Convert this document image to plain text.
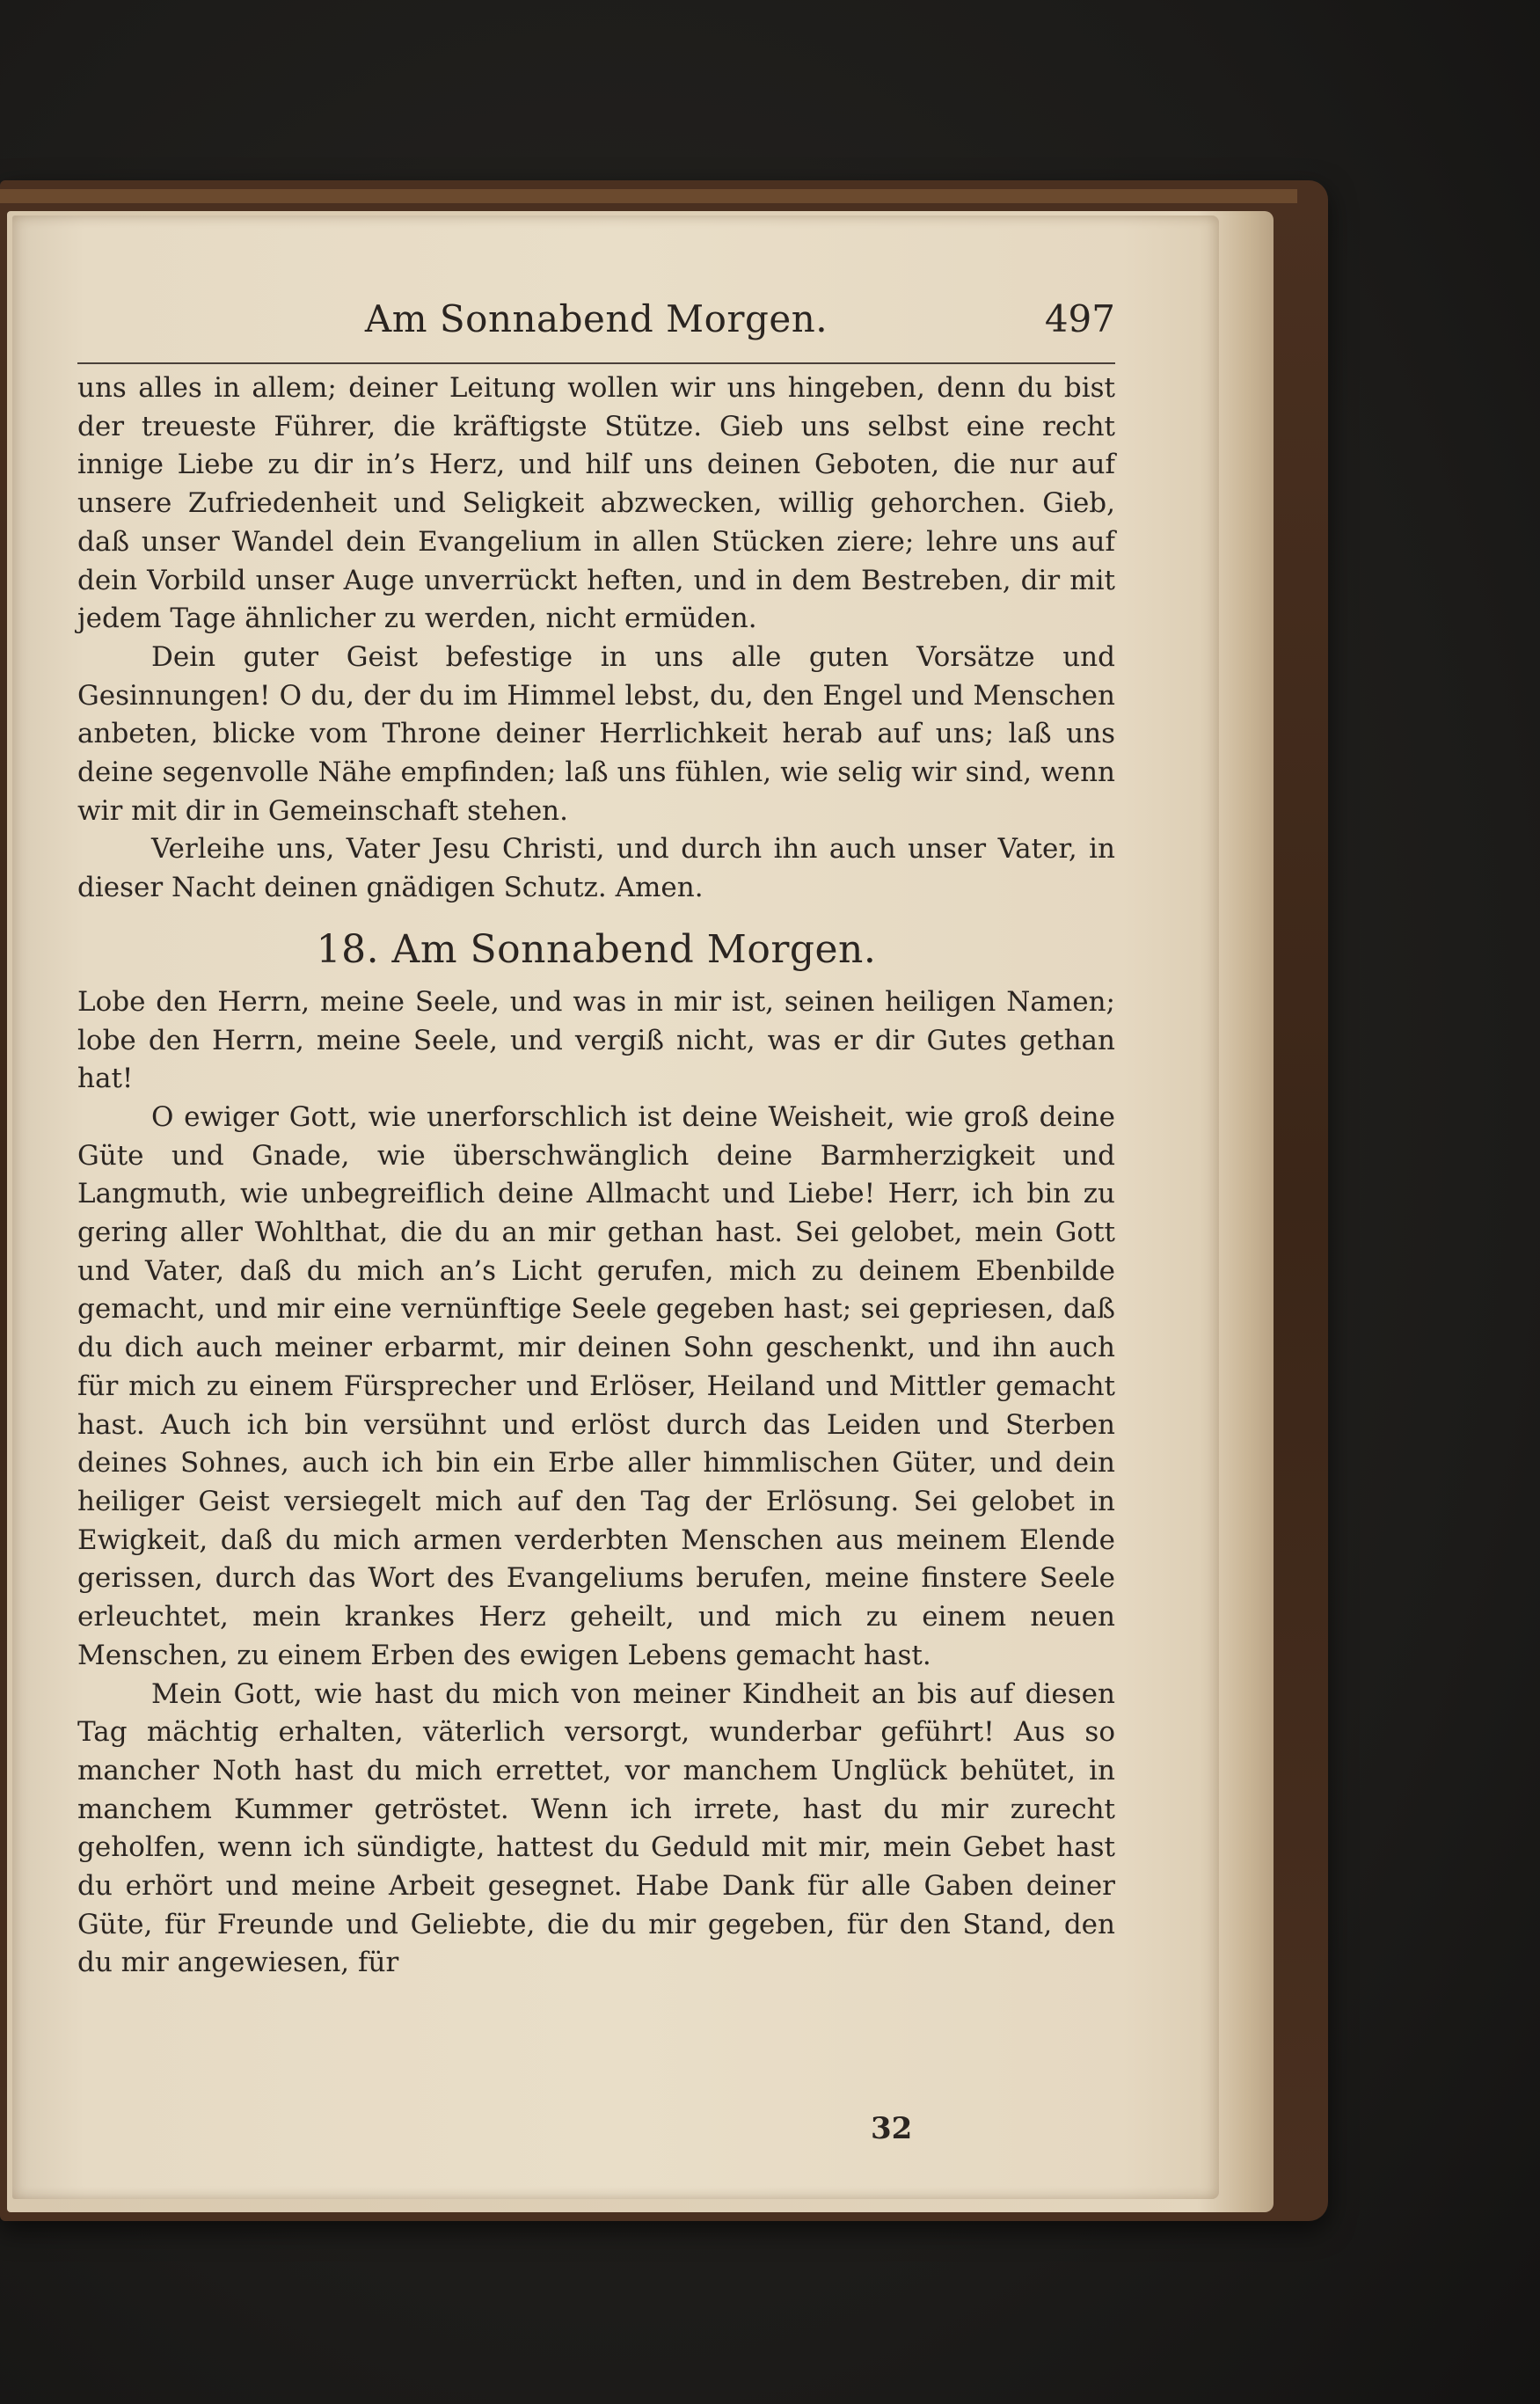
Am Sonnabend Morgen.	497

uns alles in allem; deiner Leitung wollen wir uns hingeben, denn du bist der treueste Führer, die kräftigste Stütze. Gieb uns selbst eine recht innige Liebe zu dir in’s Herz, und hilf uns deinen Geboten, die nur auf unsere Zufriedenheit und Seligkeit abzwecken, willig gehorchen. Gieb, daß unser Wandel dein Evangelium in allen Stücken ziere; lehre uns auf dein Vorbild unser Auge unverrückt heften, und in dem Bestreben, dir mit jedem Tage ähnlicher zu werden, nicht ermüden.

Dein guter Geist befestige in uns alle guten Vorsätze und Gesinnungen! O du, der du im Himmel lebst, du, den Engel und Menschen anbeten, blicke vom Throne deiner Herrlichkeit herab auf uns; laß uns deine segenvolle Nähe empfinden; laß uns fühlen, wie selig wir sind, wenn wir mit dir in Gemeinschaft stehen.

Verleihe uns, Vater Jesu Christi, und durch ihn auch unser Vater, in dieser Nacht deinen gnädigen Schutz. Amen.

18. Am Sonnabend Morgen.

Lobe den Herrn, meine Seele, und was in mir ist, seinen heiligen Namen; lobe den Herrn, meine Seele, und vergiß nicht, was er dir Gutes gethan hat!

O ewiger Gott, wie unerforschlich ist deine Weisheit, wie groß deine Güte und Gnade, wie überschwänglich deine Barmherzigkeit und Langmuth, wie unbegreiflich deine Allmacht und Liebe! Herr, ich bin zu gering aller Wohlthat, die du an mir gethan hast. Sei gelobet, mein Gott und Vater, daß du mich an’s Licht gerufen, mich zu deinem Ebenbilde gemacht, und mir eine vernünftige Seele gegeben hast; sei gepriesen, daß du dich auch meiner erbarmt, mir deinen Sohn geschenkt, und ihn auch für mich zu einem Fürsprecher und Erlöser, Heiland und Mittler gemacht hast. Auch ich bin versühnt und erlöst durch das Leiden und Sterben deines Sohnes, auch ich bin ein Erbe aller himmlischen Güter, und dein heiliger Geist versiegelt mich auf den Tag der Erlösung. Sei gelobet in Ewigkeit, daß du mich armen verderbten Menschen aus meinem Elende gerissen, durch das Wort des Evangeliums berufen, meine finstere Seele erleuchtet, mein krankes Herz geheilt, und mich zu einem neuen Menschen, zu einem Erben des ewigen Lebens gemacht hast.

Mein Gott, wie hast du mich von meiner Kindheit an bis auf diesen Tag mächtig erhalten, väterlich versorgt, wunderbar geführt! Aus so mancher Noth hast du mich errettet, vor manchem Unglück behütet, in manchem Kummer getröstet. Wenn ich irrete, hast du mir zurecht geholfen, wenn ich sündigte, hattest du Geduld mit mir, mein Gebet hast du erhört und meine Arbeit gesegnet. Habe Dank für alle Gaben deiner Güte, für Freunde und Geliebte, die du mir gegeben, für den Stand, den du mir angewiesen, für

32
